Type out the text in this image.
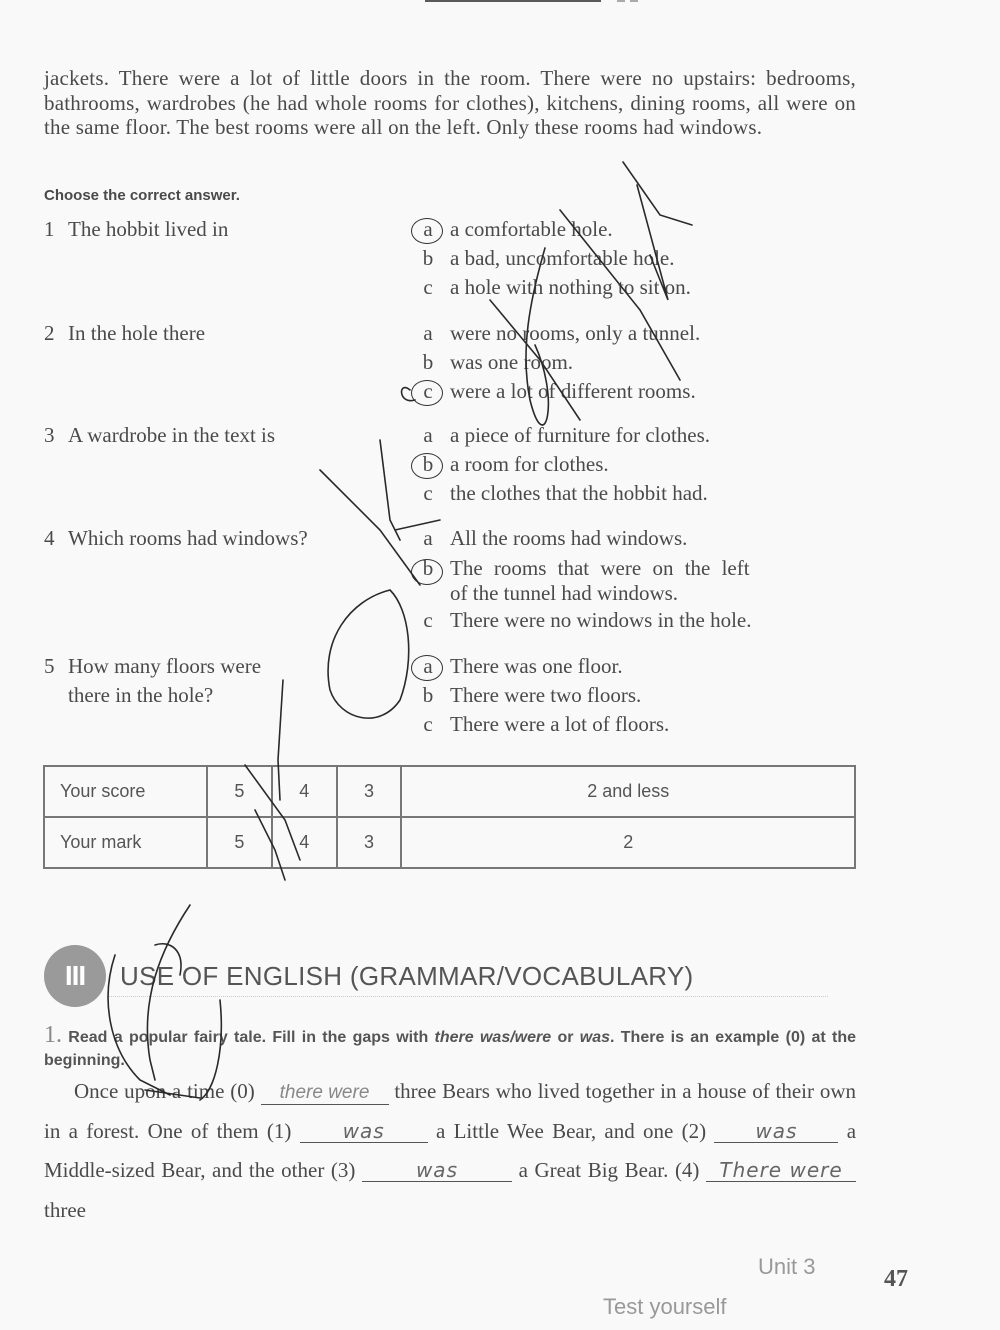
jackets. There were a lot of little doors in the room. There were no upstairs: bedrooms, bathrooms, wardrobes (he had whole rooms for clothes), kitchens, dining rooms, all were on the same floor. The best rooms were all on the left. Only these rooms had windows.

Choose the correct answer.
1 The hobbit lived in	a a comfortable hole.
b a bad, uncomfortable hole.
c a hole with nothing to sit on.
2 In the hole there	a were no rooms, only a tunnel.
b was one room.
c were a lot of different rooms.
3 A wardrobe in the text is	a a piece of furniture for clothes.
b a room for clothes.
c the clothes that the hobbit had.
4 Which rooms had windows?	a All the rooms had windows.
b The rooms that were on the left
of the tunnel had windows.
c There were no windows in the hole.
5 How many floors were
there in the hole?
a There was one floor.
b There were two floors.
c There were a lot of floors.
Your score	5	4	3	2 and less
Your mark	5	4	3	2
III	USE OF ENGLISH (GRAMMAR/VOCABULARY)
1. Read a popular fairy tale. Fill in the gaps with there was/were or was. There is an example (0) at the beginning.
Once upon a time (0) there were three Bears who lived together in a house of their own in a forest. One of them (1)	was a Little Wee Bear, and one (2) was a Middle-sized Bear, and the other (3)	was	a Great Big Bear. (4) There were three
Unit 3	47
Test yourself
